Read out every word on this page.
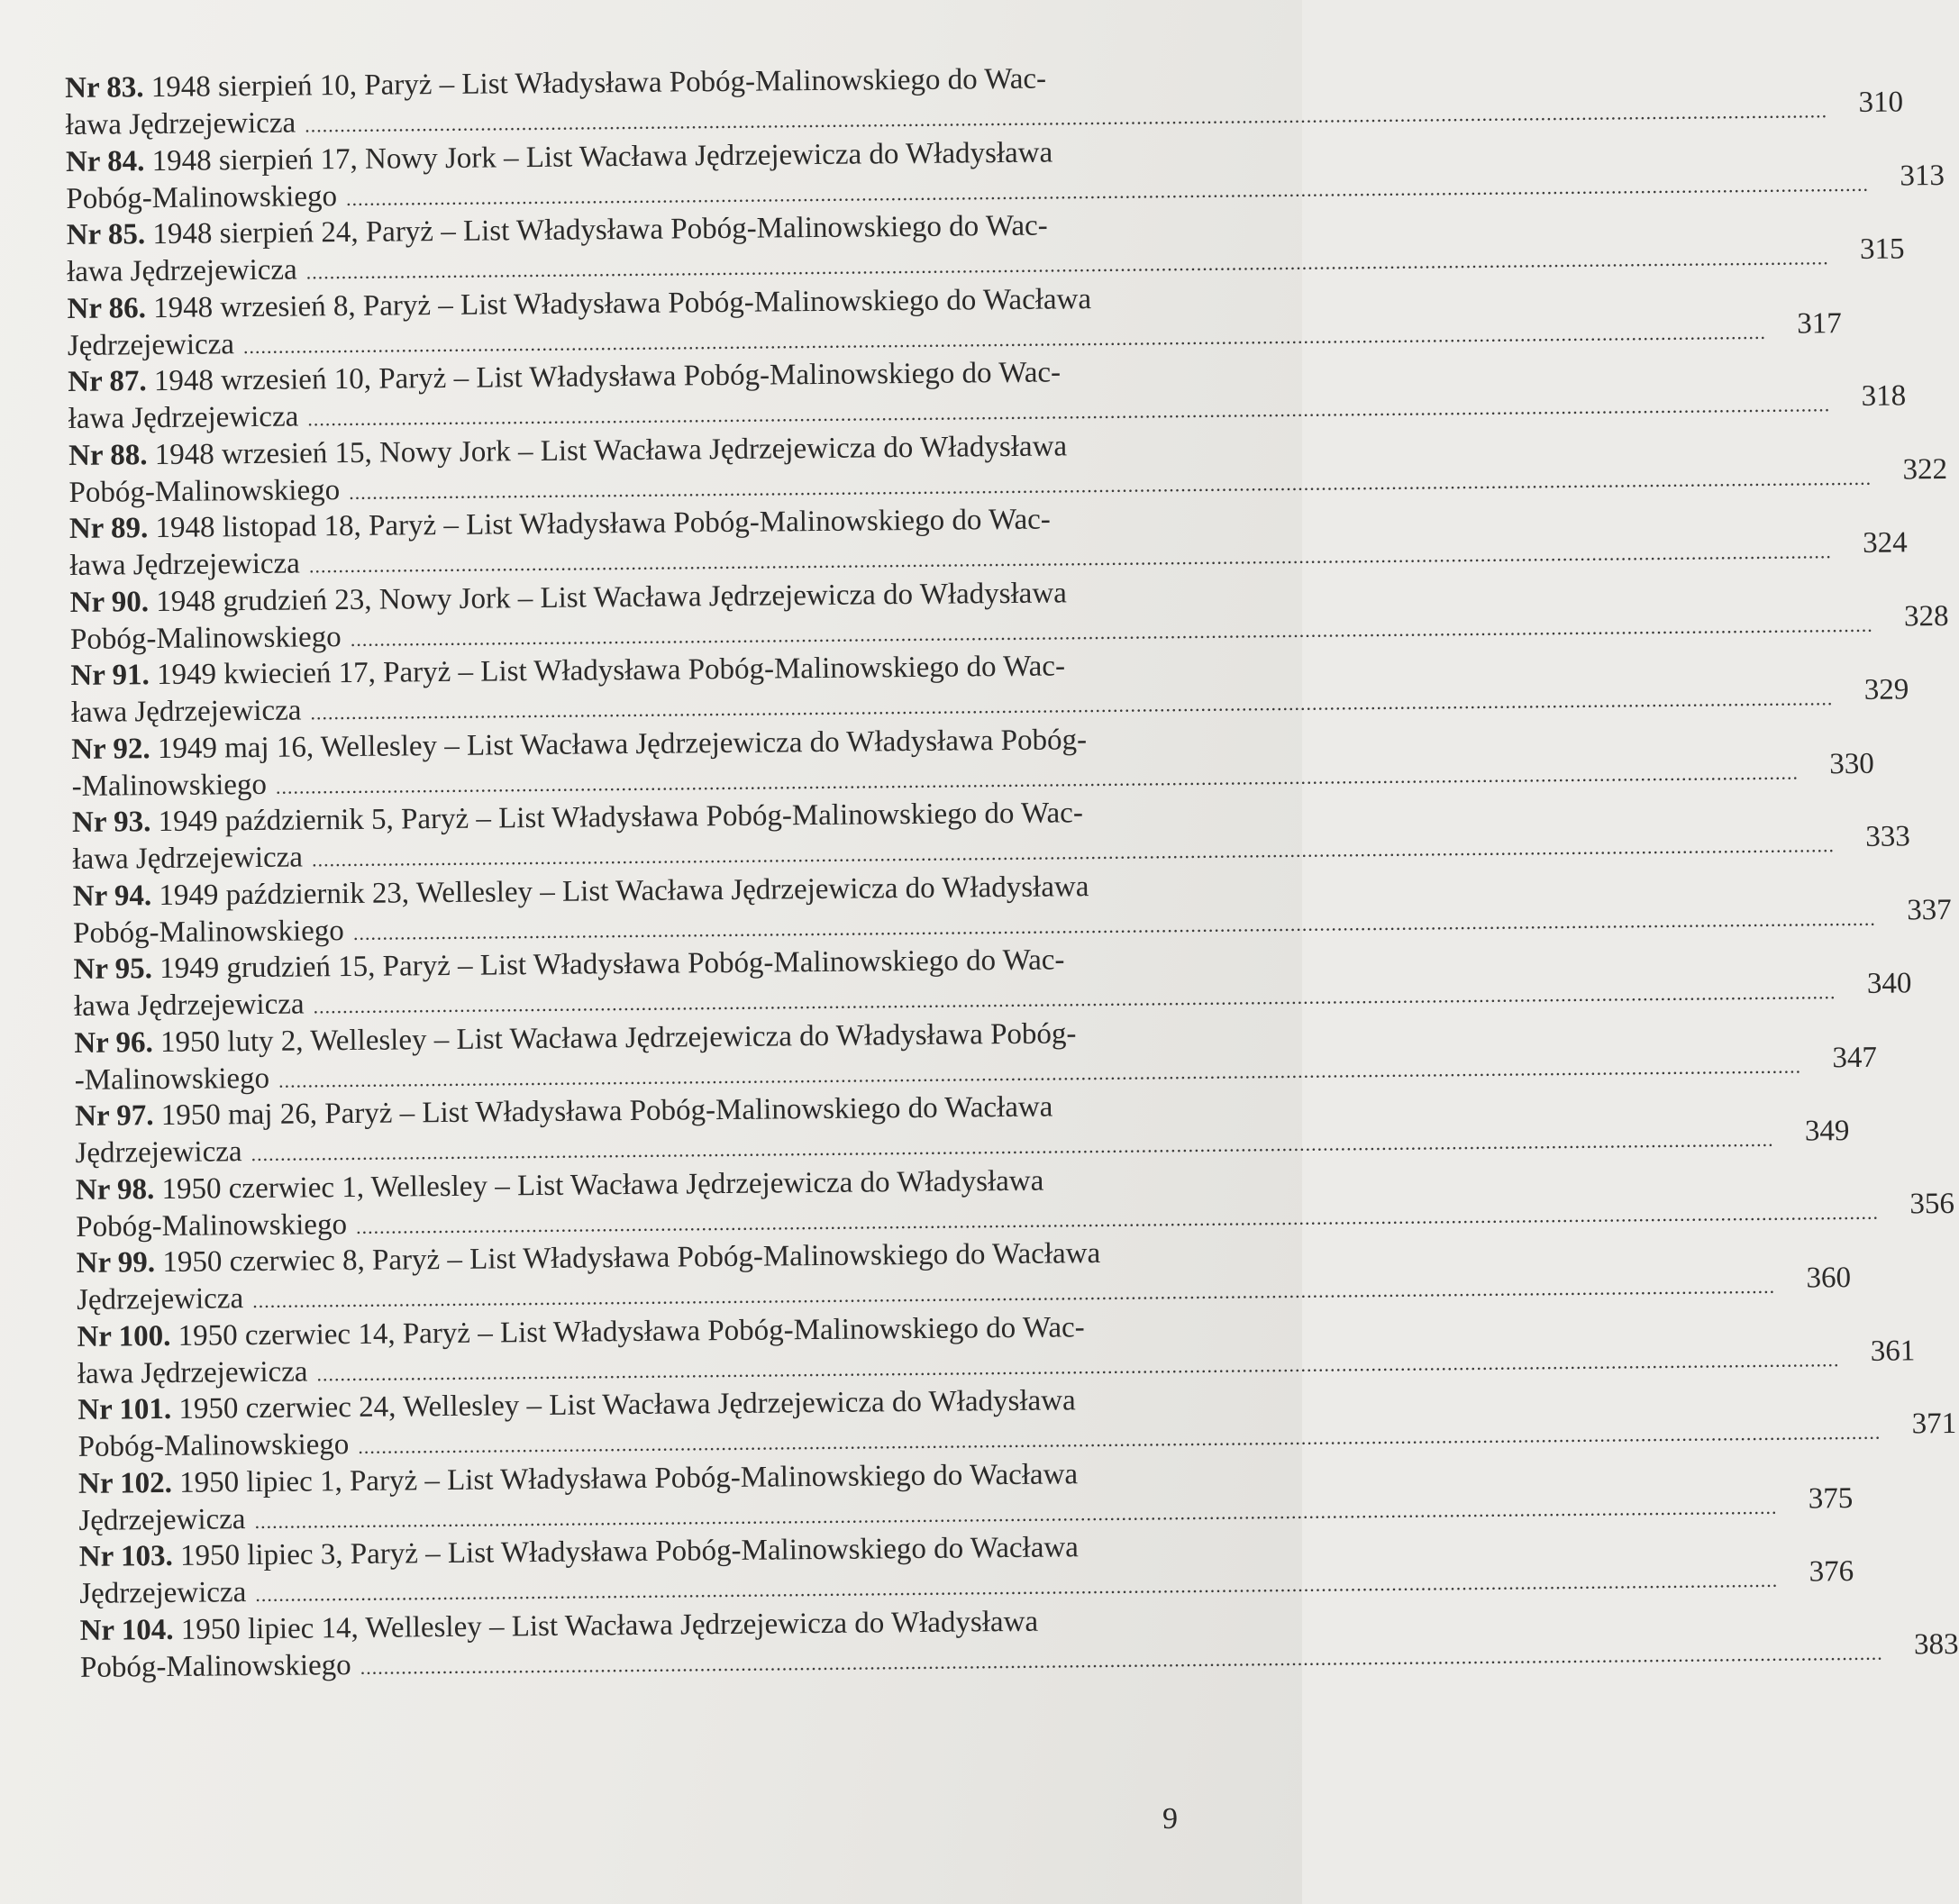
Nr 83. 1948 sierpień 10, Paryż – List Władysława Pobóg-Malinowskiego do Wac-
ława Jędrzejewicza ....................................................................................................................................................................................................................................................................	310
Nr 84. 1948 sierpień 17, Nowy Jork – List Wacława Jędrzejewicza do Władysława
Pobóg-Malinowskiego ....................................................................................................................................................................................................................................................................	313
Nr 85. 1948 sierpień 24, Paryż – List Władysława Pobóg-Malinowskiego do Wac-
ława Jędrzejewicza ....................................................................................................................................................................................................................................................................	315
Nr 86. 1948 wrzesień 8, Paryż – List Władysława Pobóg-Malinowskiego do Wacława
Jędrzejewicza ....................................................................................................................................................................................................................................................................	317
Nr 87. 1948 wrzesień 10, Paryż – List Władysława Pobóg-Malinowskiego do Wac-
ława Jędrzejewicza ....................................................................................................................................................................................................................................................................	318
Nr 88. 1948 wrzesień 15, Nowy Jork – List Wacława Jędrzejewicza do Władysława
Pobóg-Malinowskiego ....................................................................................................................................................................................................................................................................	322
Nr 89. 1948 listopad 18, Paryż – List Władysława Pobóg-Malinowskiego do Wac-
ława Jędrzejewicza ....................................................................................................................................................................................................................................................................	324
Nr 90. 1948 grudzień 23, Nowy Jork – List Wacława Jędrzejewicza do Władysława
Pobóg-Malinowskiego ....................................................................................................................................................................................................................................................................	328
Nr 91. 1949 kwiecień 17, Paryż – List Władysława Pobóg-Malinowskiego do Wac-
ława Jędrzejewicza ....................................................................................................................................................................................................................................................................	329
Nr 92. 1949 maj 16, Wellesley – List Wacława Jędrzejewicza do Władysława Pobóg-
-Malinowskiego ....................................................................................................................................................................................................................................................................	330
Nr 93. 1949 październik 5, Paryż – List Władysława Pobóg-Malinowskiego do Wac-
ława Jędrzejewicza ....................................................................................................................................................................................................................................................................	333
Nr 94. 1949 październik 23, Wellesley – List Wacława Jędrzejewicza do Władysława
Pobóg-Malinowskiego ....................................................................................................................................................................................................................................................................	337
Nr 95. 1949 grudzień 15, Paryż – List Władysława Pobóg-Malinowskiego do Wac-
ława Jędrzejewicza ....................................................................................................................................................................................................................................................................	340
Nr 96. 1950 luty 2, Wellesley – List Wacława Jędrzejewicza do Władysława Pobóg-
-Malinowskiego ....................................................................................................................................................................................................................................................................	347
Nr 97. 1950 maj 26, Paryż – List Władysława Pobóg-Malinowskiego do Wacława
Jędrzejewicza ....................................................................................................................................................................................................................................................................	349
Nr 98. 1950 czerwiec 1, Wellesley – List Wacława Jędrzejewicza do Władysława
Pobóg-Malinowskiego ....................................................................................................................................................................................................................................................................	356
Nr 99. 1950 czerwiec 8, Paryż – List Władysława Pobóg-Malinowskiego do Wacława
Jędrzejewicza ....................................................................................................................................................................................................................................................................	360
Nr 100. 1950 czerwiec 14, Paryż – List Władysława Pobóg-Malinowskiego do Wac-
ława Jędrzejewicza ....................................................................................................................................................................................................................................................................	361
Nr 101. 1950 czerwiec 24, Wellesley – List Wacława Jędrzejewicza do Władysława
Pobóg-Malinowskiego ....................................................................................................................................................................................................................................................................	371
Nr 102. 1950 lipiec 1, Paryż – List Władysława Pobóg-Malinowskiego do Wacława
Jędrzejewicza ....................................................................................................................................................................................................................................................................	375
Nr 103. 1950 lipiec 3, Paryż – List Władysława Pobóg-Malinowskiego do Wacława
Jędrzejewicza ....................................................................................................................................................................................................................................................................	376
Nr 104. 1950 lipiec 14, Wellesley – List Wacława Jędrzejewicza do Władysława
Pobóg-Malinowskiego ....................................................................................................................................................................................................................................................................	383
9
